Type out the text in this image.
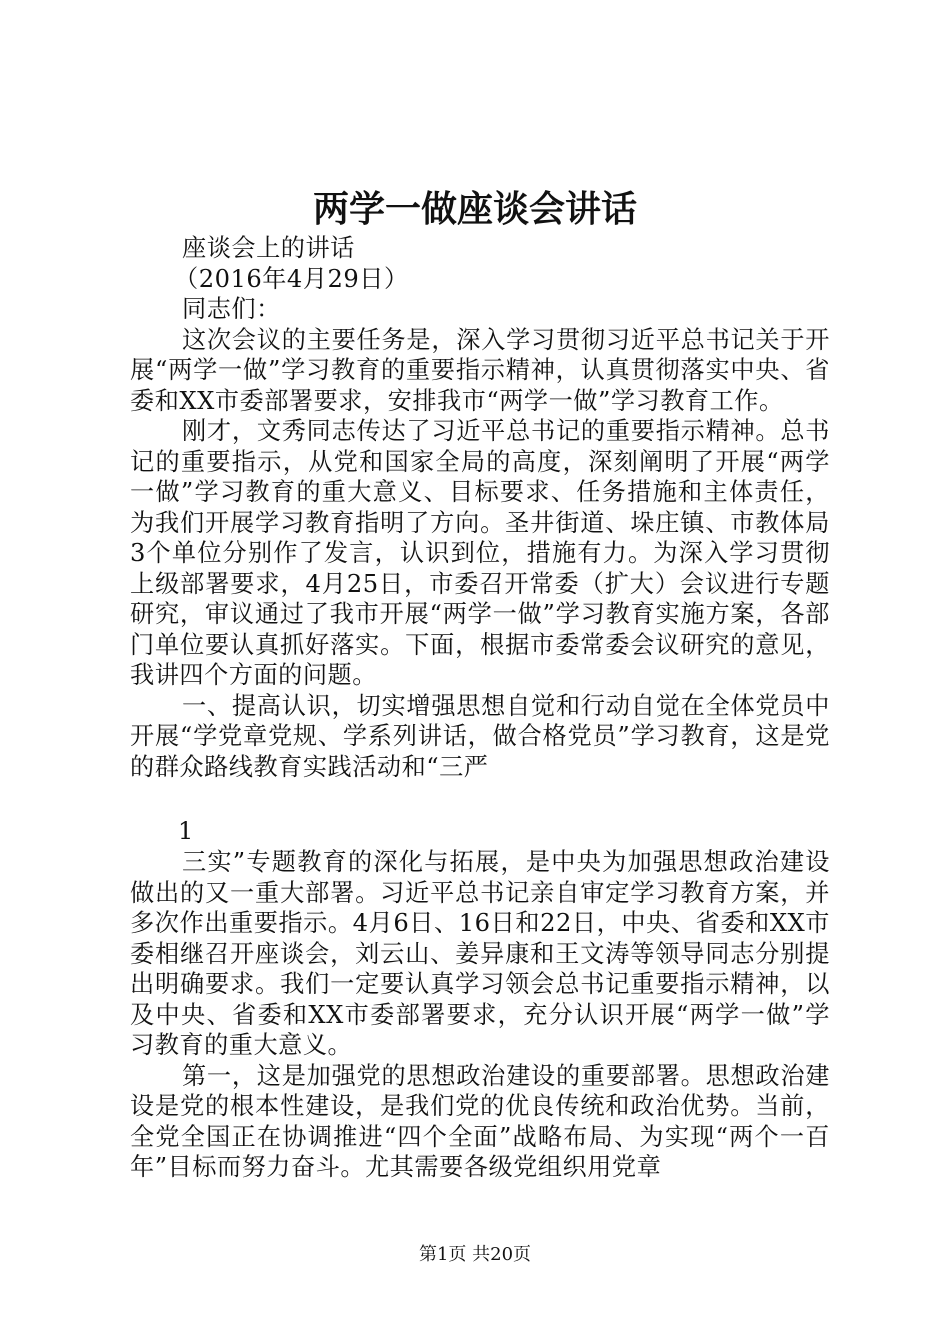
两学一做座谈会讲话

座谈会上的讲话

（2016年4月29日）

同志们：

这次会议的主要任务是，深入学习贯彻习近平总书记关于开展“两学一做”学习教育的重要指示精神，认真贯彻落实中央、省委和XX市委部署要求，安排我市“两学一做”学习教育工作。

刚才，文秀同志传达了习近平总书记的重要指示精神。总书记的重要指示，从党和国家全局的高度，深刻阐明了开展“两学一做”学习教育的重大意义、目标要求、任务措施和主体责任，为我们开展学习教育指明了方向。圣井街道、垛庄镇、市教体局3个单位分别作了发言，认识到位，措施有力。为深入学习贯彻上级部署要求，4月25日，市委召开常委（扩大）会议进行专题研究，审议通过了我市开展“两学一做”学习教育实施方案，各部门单位要认真抓好落实。下面，根据市委常委会议研究的意见，我讲四个方面的问题。

一、提高认识，切实增强思想自觉和行动自觉在全体党员中开展“学党章党规、学系列讲话，做合格党员”学习教育，这是党的群众路线教育实践活动和“三严

1

三实”专题教育的深化与拓展，是中央为加强思想政治建设做出的又一重大部署。习近平总书记亲自审定学习教育方案，并多次作出重要指示。4月6日、16日和22日，中央、省委和XX市委相继召开座谈会，刘云山、姜异康和王文涛等领导同志分别提出明确要求。我们一定要认真学习领会总书记重要指示精神，以及中央、省委和XX市委部署要求，充分认识开展“两学一做”学习教育的重大意义。

第一，这是加强党的思想政治建设的重要部署。思想政治建设是党的根本性建设，是我们党的优良传统和政治优势。当前，全党全国正在协调推进“四个全面”战略布局、为实现“两个一百年”目标而努力奋斗。尤其需要各级党组织用党章

第1页 共20页
